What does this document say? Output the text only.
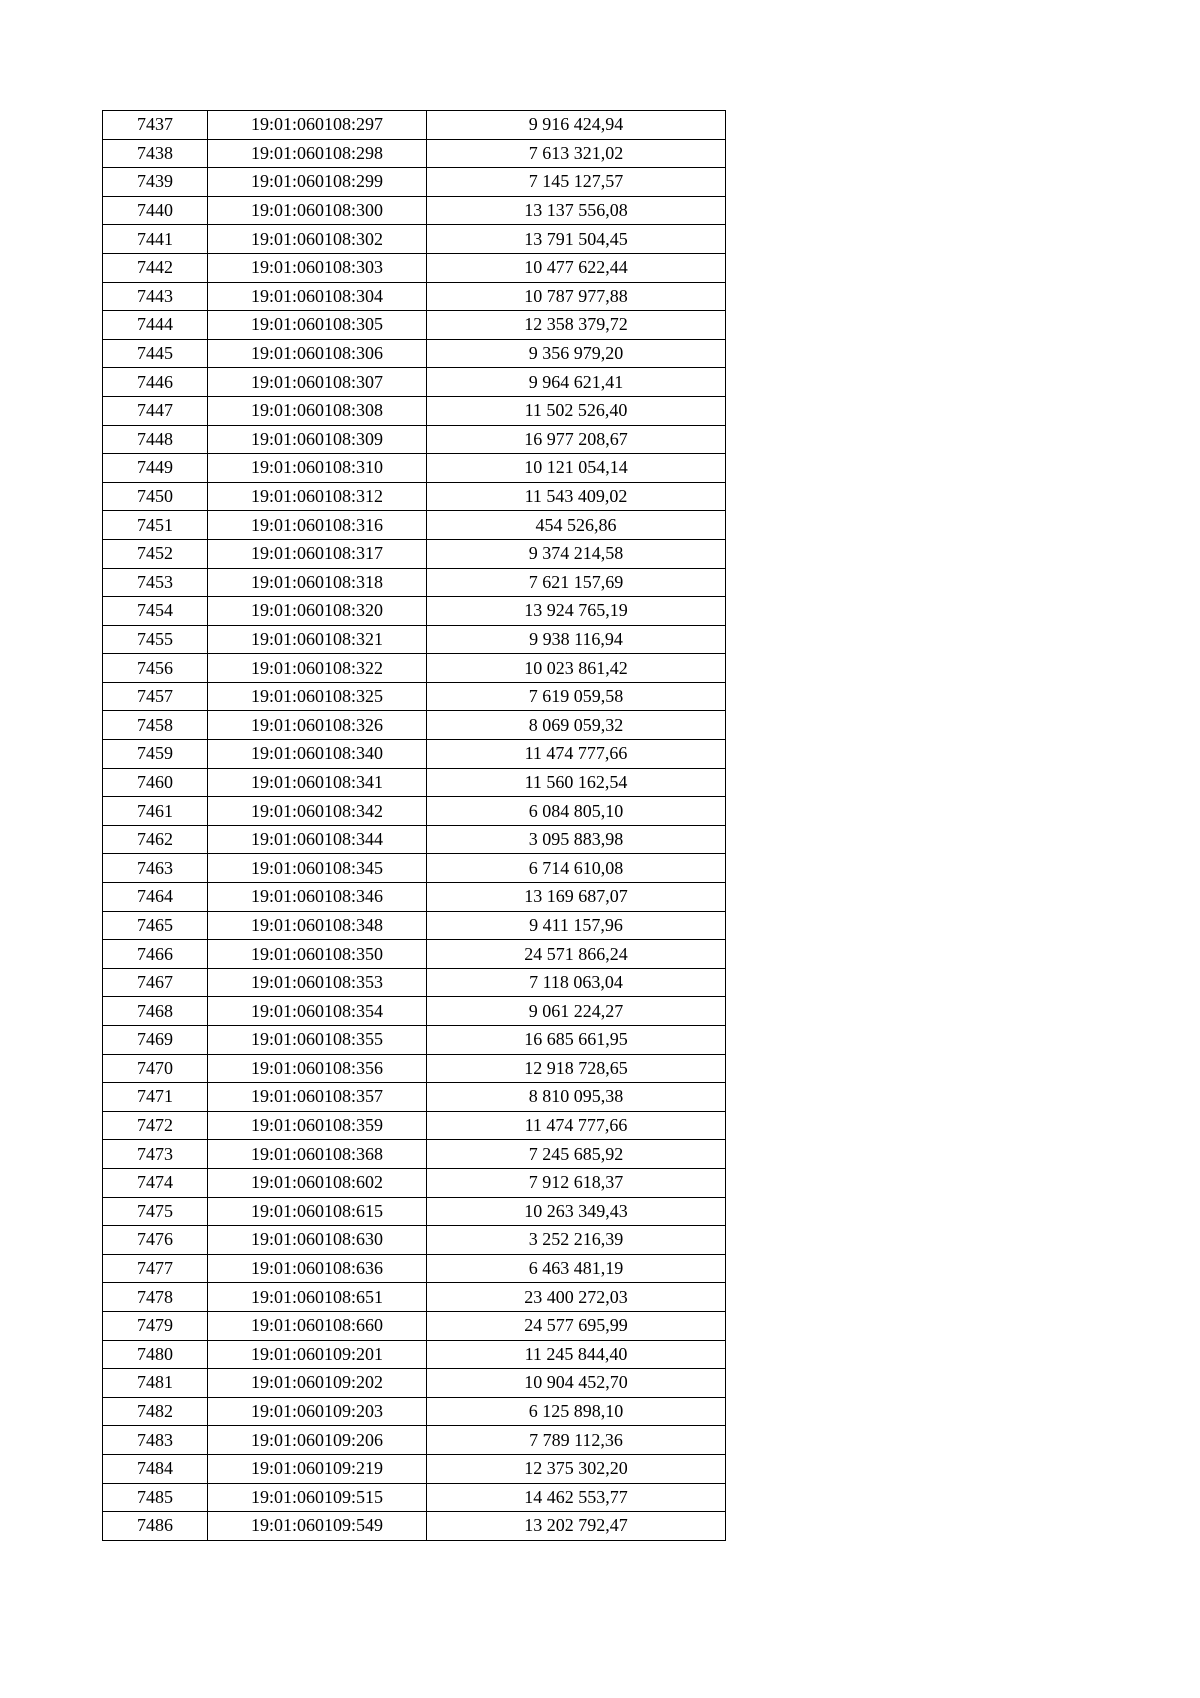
7437	19:01:060108:297	9 916 424,94
7438	19:01:060108:298	7 613 321,02
7439	19:01:060108:299	7 145 127,57
7440	19:01:060108:300	13 137 556,08
7441	19:01:060108:302	13 791 504,45
7442	19:01:060108:303	10 477 622,44
7443	19:01:060108:304	10 787 977,88
7444	19:01:060108:305	12 358 379,72
7445	19:01:060108:306	9 356 979,20
7446	19:01:060108:307	9 964 621,41
7447	19:01:060108:308	11 502 526,40
7448	19:01:060108:309	16 977 208,67
7449	19:01:060108:310	10 121 054,14
7450	19:01:060108:312	11 543 409,02
7451	19:01:060108:316	454 526,86
7452	19:01:060108:317	9 374 214,58
7453	19:01:060108:318	7 621 157,69
7454	19:01:060108:320	13 924 765,19
7455	19:01:060108:321	9 938 116,94
7456	19:01:060108:322	10 023 861,42
7457	19:01:060108:325	7 619 059,58
7458	19:01:060108:326	8 069 059,32
7459	19:01:060108:340	11 474 777,66
7460	19:01:060108:341	11 560 162,54
7461	19:01:060108:342	6 084 805,10
7462	19:01:060108:344	3 095 883,98
7463	19:01:060108:345	6 714 610,08
7464	19:01:060108:346	13 169 687,07
7465	19:01:060108:348	9 411 157,96
7466	19:01:060108:350	24 571 866,24
7467	19:01:060108:353	7 118 063,04
7468	19:01:060108:354	9 061 224,27
7469	19:01:060108:355	16 685 661,95
7470	19:01:060108:356	12 918 728,65
7471	19:01:060108:357	8 810 095,38
7472	19:01:060108:359	11 474 777,66
7473	19:01:060108:368	7 245 685,92
7474	19:01:060108:602	7 912 618,37
7475	19:01:060108:615	10 263 349,43
7476	19:01:060108:630	3 252 216,39
7477	19:01:060108:636	6 463 481,19
7478	19:01:060108:651	23 400 272,03
7479	19:01:060108:660	24 577 695,99
7480	19:01:060109:201	11 245 844,40
7481	19:01:060109:202	10 904 452,70
7482	19:01:060109:203	6 125 898,10
7483	19:01:060109:206	7 789 112,36
7484	19:01:060109:219	12 375 302,20
7485	19:01:060109:515	14 462 553,77
7486	19:01:060109:549	13 202 792,47
